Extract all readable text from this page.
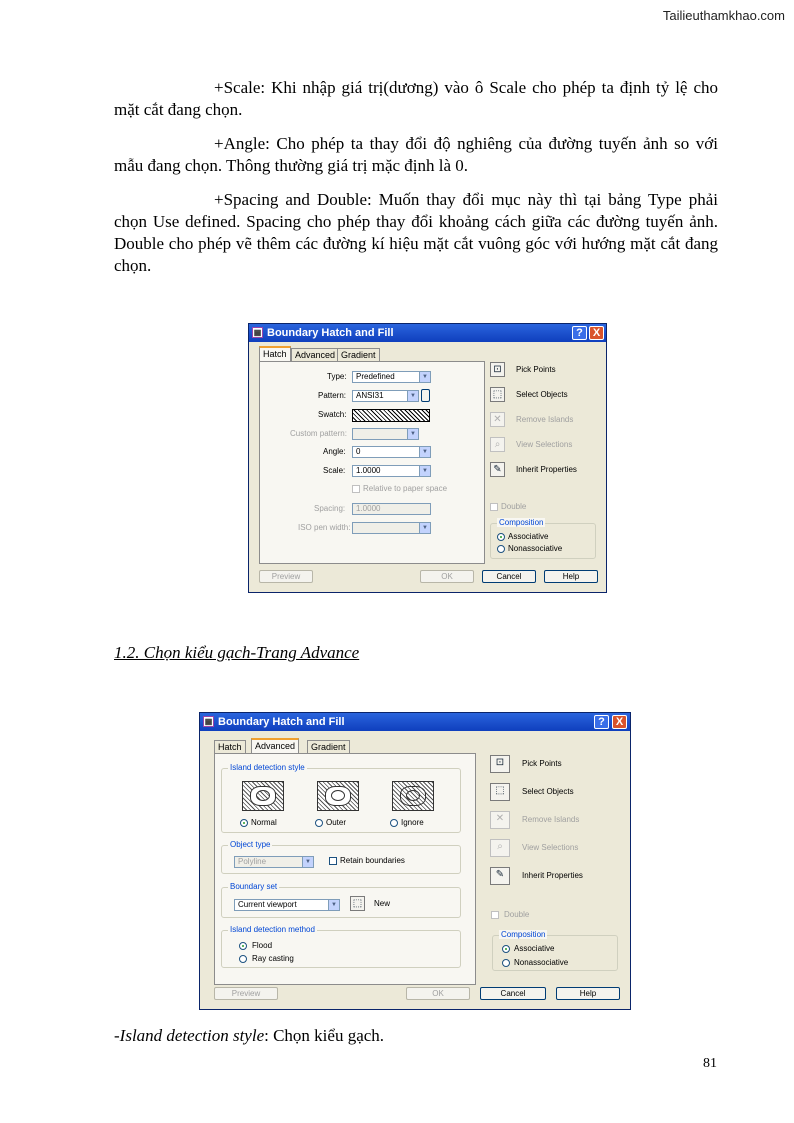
Tailieuthamkhao.com
+Scale: Khi nhập giá trị(dương) vào ô Scale cho phép ta định tỷ lệ cho mặt cắt đang chọn.
+Angle: Cho phép ta thay đổi độ nghiêng của đường tuyến ảnh so với mẫu đang chọn. Thông thường giá trị mặc định là 0.
+Spacing and Double: Muốn thay đổi mục này thì tại bảng Type phải chọn Use defined. Spacing cho phép thay đổi khoảng cách giữa các đường tuyến ảnh. Double cho phép vẽ thêm các đường kí hiệu mặt cắt vuông góc với hướng mặt cắt đang chọn.
▦ Boundary Hatch and Fill	? X
Hatch Advanced Gradient
Type:	Predefined	▼
Pattern:	ANSI31	▼
Swatch:
Custom pattern:	▼
Angle:	0	▼
Scale:	1.0000	▼
Relative to paper space
Spacing:	1.0000
ISO pen width:	▼
⊡	Pick Points
⬚	Select Objects
✕	Remove Islands
⌕	View Selections
✎	Inherit Properties
Double
Composition
Associative
Nonassociative
Preview	OK	Cancel	Help
1.2. Chọn kiểu gạch-Trang Advance
▦ Boundary Hatch and Fill	? X
Hatch	Advanced	Gradient
Island detection style
Normal	Outer	Ignore
Object type
Polyline	▼	Retain boundaries
Boundary set
Current viewport	▼ ⬚	New
Island detection method
Flood
Ray casting
⊡	Pick Points
⬚	Select Objects
✕	Remove Islands
⌕	View Selections
✎	Inherit Properties
Double
Composition
Associative
Nonassociative
Preview	OK	Cancel	Help
-Island detection style: Chọn kiểu gạch.
81
